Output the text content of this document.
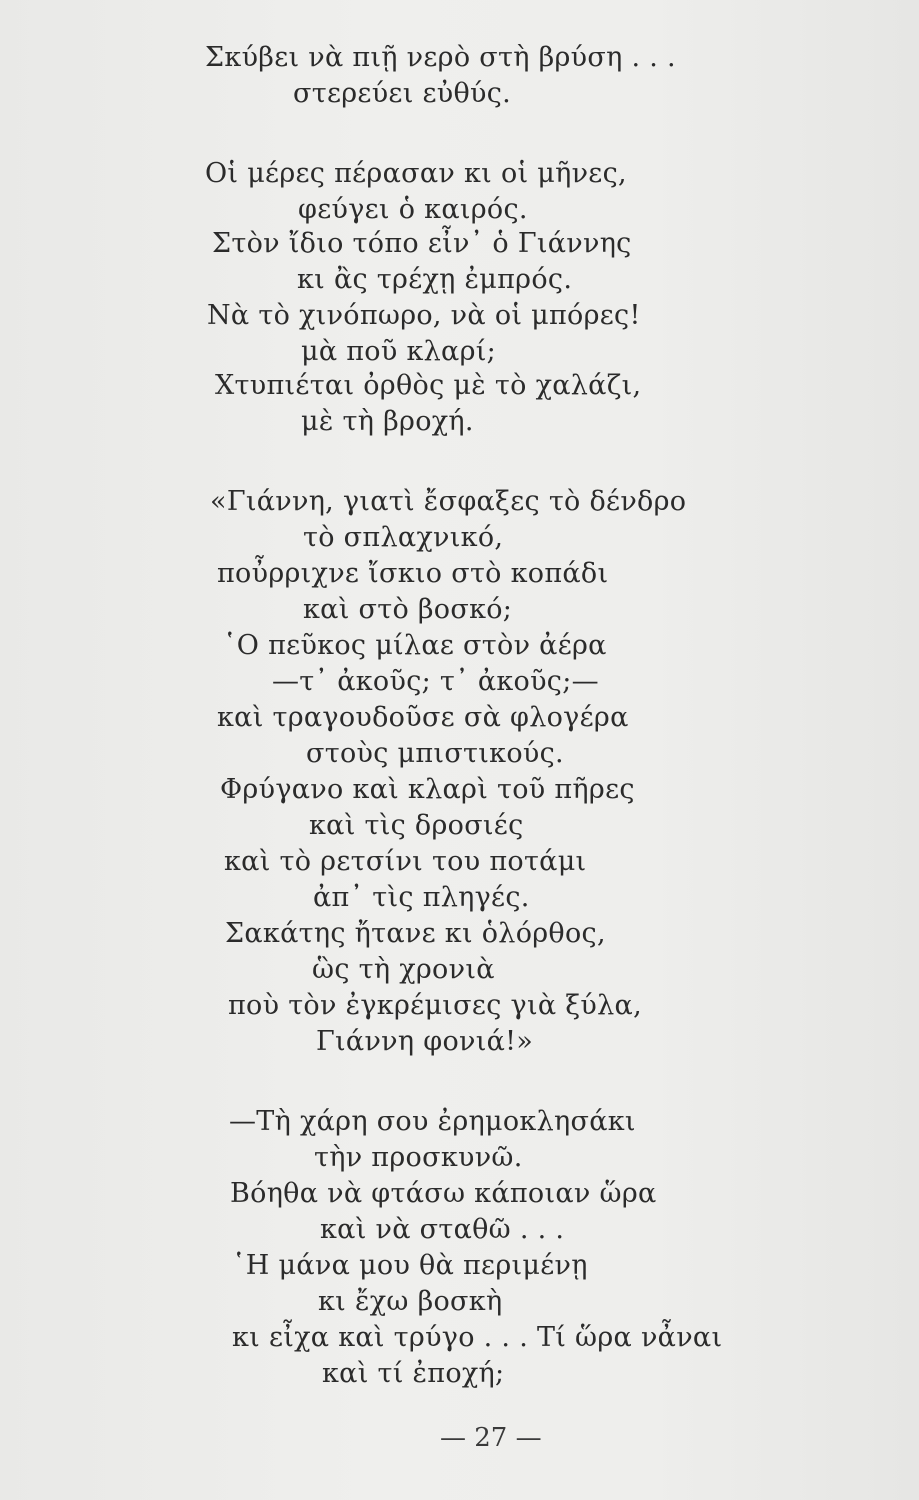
Σκύβει νὰ πιῇ νερὸ στὴ βρύση . . .
στερεύει εὐθύς.
Οἱ μέρες πέρασαν κι οἱ μῆνες,
φεύγει ὁ καιρός.
Στὸν ἴδιο τόπο εἶν᾿ ὁ Γιάννης
κι ἂς τρέχῃ ἐμπρός.
Νὰ τὸ χινόπωρο, νὰ οἱ μπόρες!
μὰ ποῦ κλαρί;
Χτυπιέται ὀρθὸς μὲ τὸ χαλάζι,
μὲ τὴ βροχή.
«Γιάννη, γιατὶ ἔσφαξες τὸ δένδρο
τὸ σπλαχνικό,
ποὖρριχνε ἴσκιο στὸ κοπάδι
καὶ στὸ βοσκό;
῾Ο πεῦκος μίλαε στὸν ἀέρα
—τ᾿ ἀκοῦς; τ᾿ ἀκοῦς;—
καὶ τραγουδοῦσε σὰ φλογέρα
στοὺς μπιστικούς.
Φρύγανο καὶ κλαρὶ τοῦ πῆρες
καὶ τὶς δροσιές
καὶ τὸ ρετσίνι του ποτάμι
ἀπ᾿ τὶς πληγές.
Σακάτης ἤτανε κι ὁλόρθος,
ὣς τὴ χρονιὰ
ποὺ τὸν ἐγκρέμισες γιὰ ξύλα,
Γιάννη φονιά!»
—Τὴ χάρη σου ἐρημοκλησάκι
τὴν προσκυνῶ.
Βόηθα νὰ φτάσω κάποιαν ὥρα
καὶ νὰ σταθῶ . . .
῾Η μάνα μου θὰ περιμένῃ
κι ἔχω βοσκὴ
κι εἶχα καὶ τρύγο . . . Τί ὥρα νἆναι
καὶ τί ἐποχή;
— 27 —
